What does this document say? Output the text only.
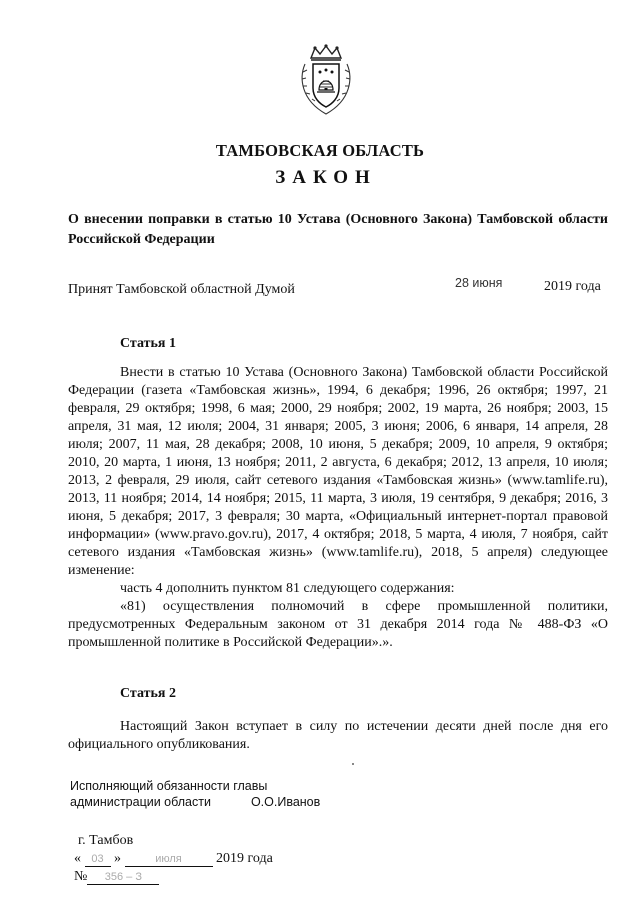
ТАМБОВСКАЯ ОБЛАСТЬ
ЗАКОН
О внесении поправки в статью 10 Устава (Основного Закона) Тамбовской области Российской Федерации
Принят Тамбовской областной Думой	28 июня	2019 года
Статья 1

Внести в статью 10 Устава (Основного Закона) Тамбовской области Российской Федерации (газета «Тамбовская жизнь», 1994, 6 декабря; 1996, 26 октября; 1997, 21 февраля, 29 октября; 1998, 6 мая; 2000, 29 ноября; 2002, 19 марта, 26 ноября; 2003, 15 апреля, 31 мая, 12 июля; 2004, 31 января; 2005, 3 июня; 2006, 6 января, 14 апреля, 28 июля; 2007, 11 мая, 28 декабря; 2008, 10 июня, 5 декабря; 2009, 10 апреля, 9 октября; 2010, 20 марта, 1 июня, 13 ноября; 2011, 2 августа, 6 декабря; 2012, 13 апреля, 10 июля; 2013, 2 февраля, 29 июля, сайт сетевого издания «Тамбовская жизнь» (www.tamlife.ru), 2013, 11 ноября; 2014, 14 ноября; 2015, 11 марта, 3 июля, 19 сентября, 9 декабря; 2016, 3 июня, 5 декабря; 2017, 3 февраля; 30 марта, «Официальный интернет-портал правовой информации» (www.pravo.gov.ru), 2017, 4 октября; 2018, 5 марта, 4 июля, 7 ноября, сайт сетевого издания «Тамбовская жизнь» (www.tamlife.ru), 2018, 5 апреля) следующее изменение:

часть 4 дополнить пунктом 81 следующего содержания:

«81) осуществления полномочий в сфере промышленной политики, предусмотренных Федеральным законом от 31 декабря 2014 года № 488-ФЗ «О промышленной политике в Российской Федерации».».

Статья 2

Настоящий Закон вступает в силу по истечении десяти дней после дня его официального опубликования.

Исполняющий обязанности главы
администрации области	О.О.Иванов
г. Тамбов
« 03 »	июля 2019 года
№ 356 – З
